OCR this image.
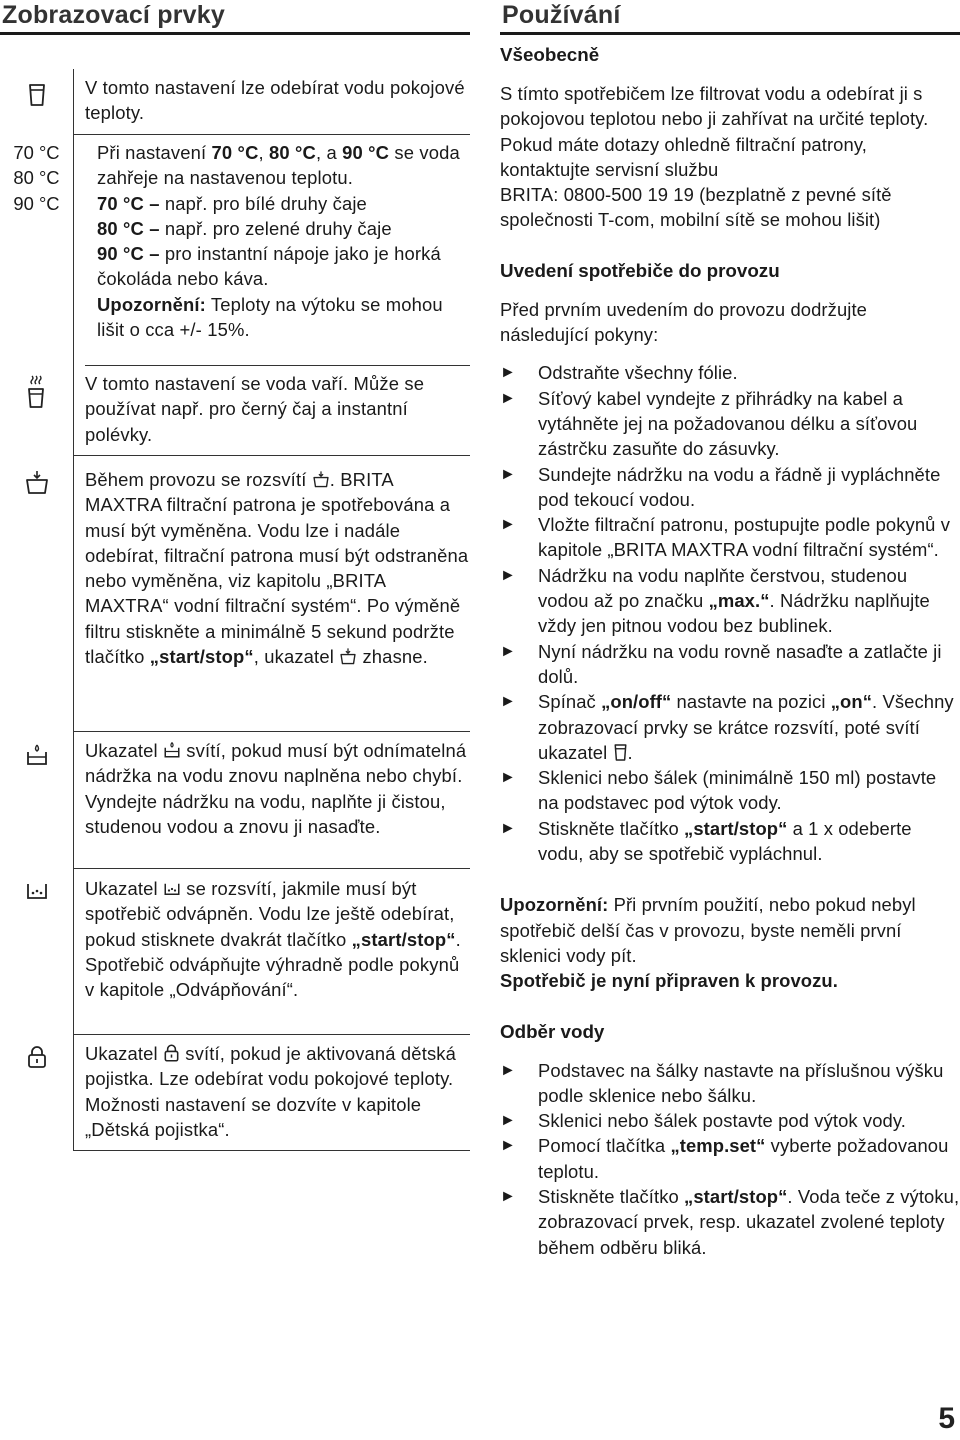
Zobrazovací prvky

V tomto nastavení lze odebírat vodu pokojové teploty.

70 °C
80 °C
90 °C

Při nastavení 70 °C, 80 °C, a 90 °C se voda zahřeje na nastavenou teplotu.

70 °C – např. pro bílé druhy čaje

80 °C – např. pro zelené druhy čaje

90 °C – pro instantní nápoje jako je horká čokoláda nebo káva.

Upozornění: Teploty na výtoku se mohou lišit o cca +/- 15%.

V tomto nastavení se voda vaří. Může se používat např. pro černý čaj a instantní polévky.

Během provozu se rozsvítí . BRITA MAXTRA filtrační patrona je spotřebována a musí být vyměněna. Vodu lze i nadále odebírat, filtrační patrona musí být odstraněna nebo vyměněna, viz kapitolu „BRITA MAXTRA“ vodní filtrační systém“. Po výměně filtru stiskněte a minimálně 5 sekund podržte tlačítko „start/stop“, ukazatel  zhasne.

Ukazatel  svítí, pokud musí být odnímatelná nádržka na vodu znovu naplněna nebo chybí. Vyndejte nádržku na vodu, naplňte ji čistou, studenou vodou a znovu ji nasaďte.

Ukazatel  se rozsvítí, jakmile musí být spotřebič odvápněn. Vodu lze ještě odebírat, pokud stisknete dvakrát tlačítko „start/stop“. Spotřebič odvápňujte výhradně podle pokynů v kapitole „Odvápňování“.

Ukazatel  svítí, pokud je aktivovaná dětská pojistka. Lze odebírat vodu pokojové teploty. Možnosti nastavení se dozvíte v kapitole „Dětská pojistka“.

Používání

Všeobecně

S tímto spotřebičem lze filtrovat vodu a odebírat ji s pokojovou teplotou nebo ji zahřívat na určité teploty.

Pokud máte dotazy ohledně filtrační patrony, kontaktujte servisní službu

BRITA: 0800-500 19 19 (bezplatně z pevné sítě společnosti T-com, mobilní sítě se mohou lišit)

Uvedení spotřebiče do provozu

Před prvním uvedením do provozu dodržujte následující pokyny:

► Odstraňte všechny fólie.
► Síťový kabel vyndejte z přihrádky na kabel a vytáhněte jej na požadovanou délku a síťovou zástrčku zasuňte do zásuvky.
► Sundejte nádržku na vodu a řádně ji vypláchněte pod tekoucí vodou.
► Vložte filtrační patronu, postupujte podle pokynů v kapitole „BRITA MAXTRA vodní filtrační systém“.
► Nádržku na vodu naplňte čerstvou, studenou vodou až po značku „max.“. Nádržku naplňujte vždy jen pitnou vodou bez bublinek.
► Nyní nádržku na vodu rovně nasaďte a zatlačte ji dolů.
► Spínač „on/off“ nastavte na pozici „on“. Všechny zobrazovací prvky se krátce rozsvítí, poté svítí ukazatel .
► Sklenici nebo šálek (minimálně 150 ml) postavte na podstavec pod výtok vody.
► Stiskněte tlačítko „start/stop“ a 1 x odeberte vodu, aby se spotřebič vypláchnul.

Upozornění: Při prvním použití, nebo pokud nebyl spotřebič delší čas v provozu, byste neměli první sklenici vody pít.

Spotřebič je nyní připraven k provozu.

Odběr vody

► Podstavec na šálky nastavte na příslušnou výšku podle sklenice nebo šálku.
► Sklenici nebo šálek postavte pod výtok vody.
► Pomocí tlačítka „temp.set“ vyberte požadovanou teplotu.
► Stiskněte tlačítko „start/stop“. Voda teče z výtoku, zobrazovací prvek, resp. ukazatel zvolené teploty během odběru bliká.
5
